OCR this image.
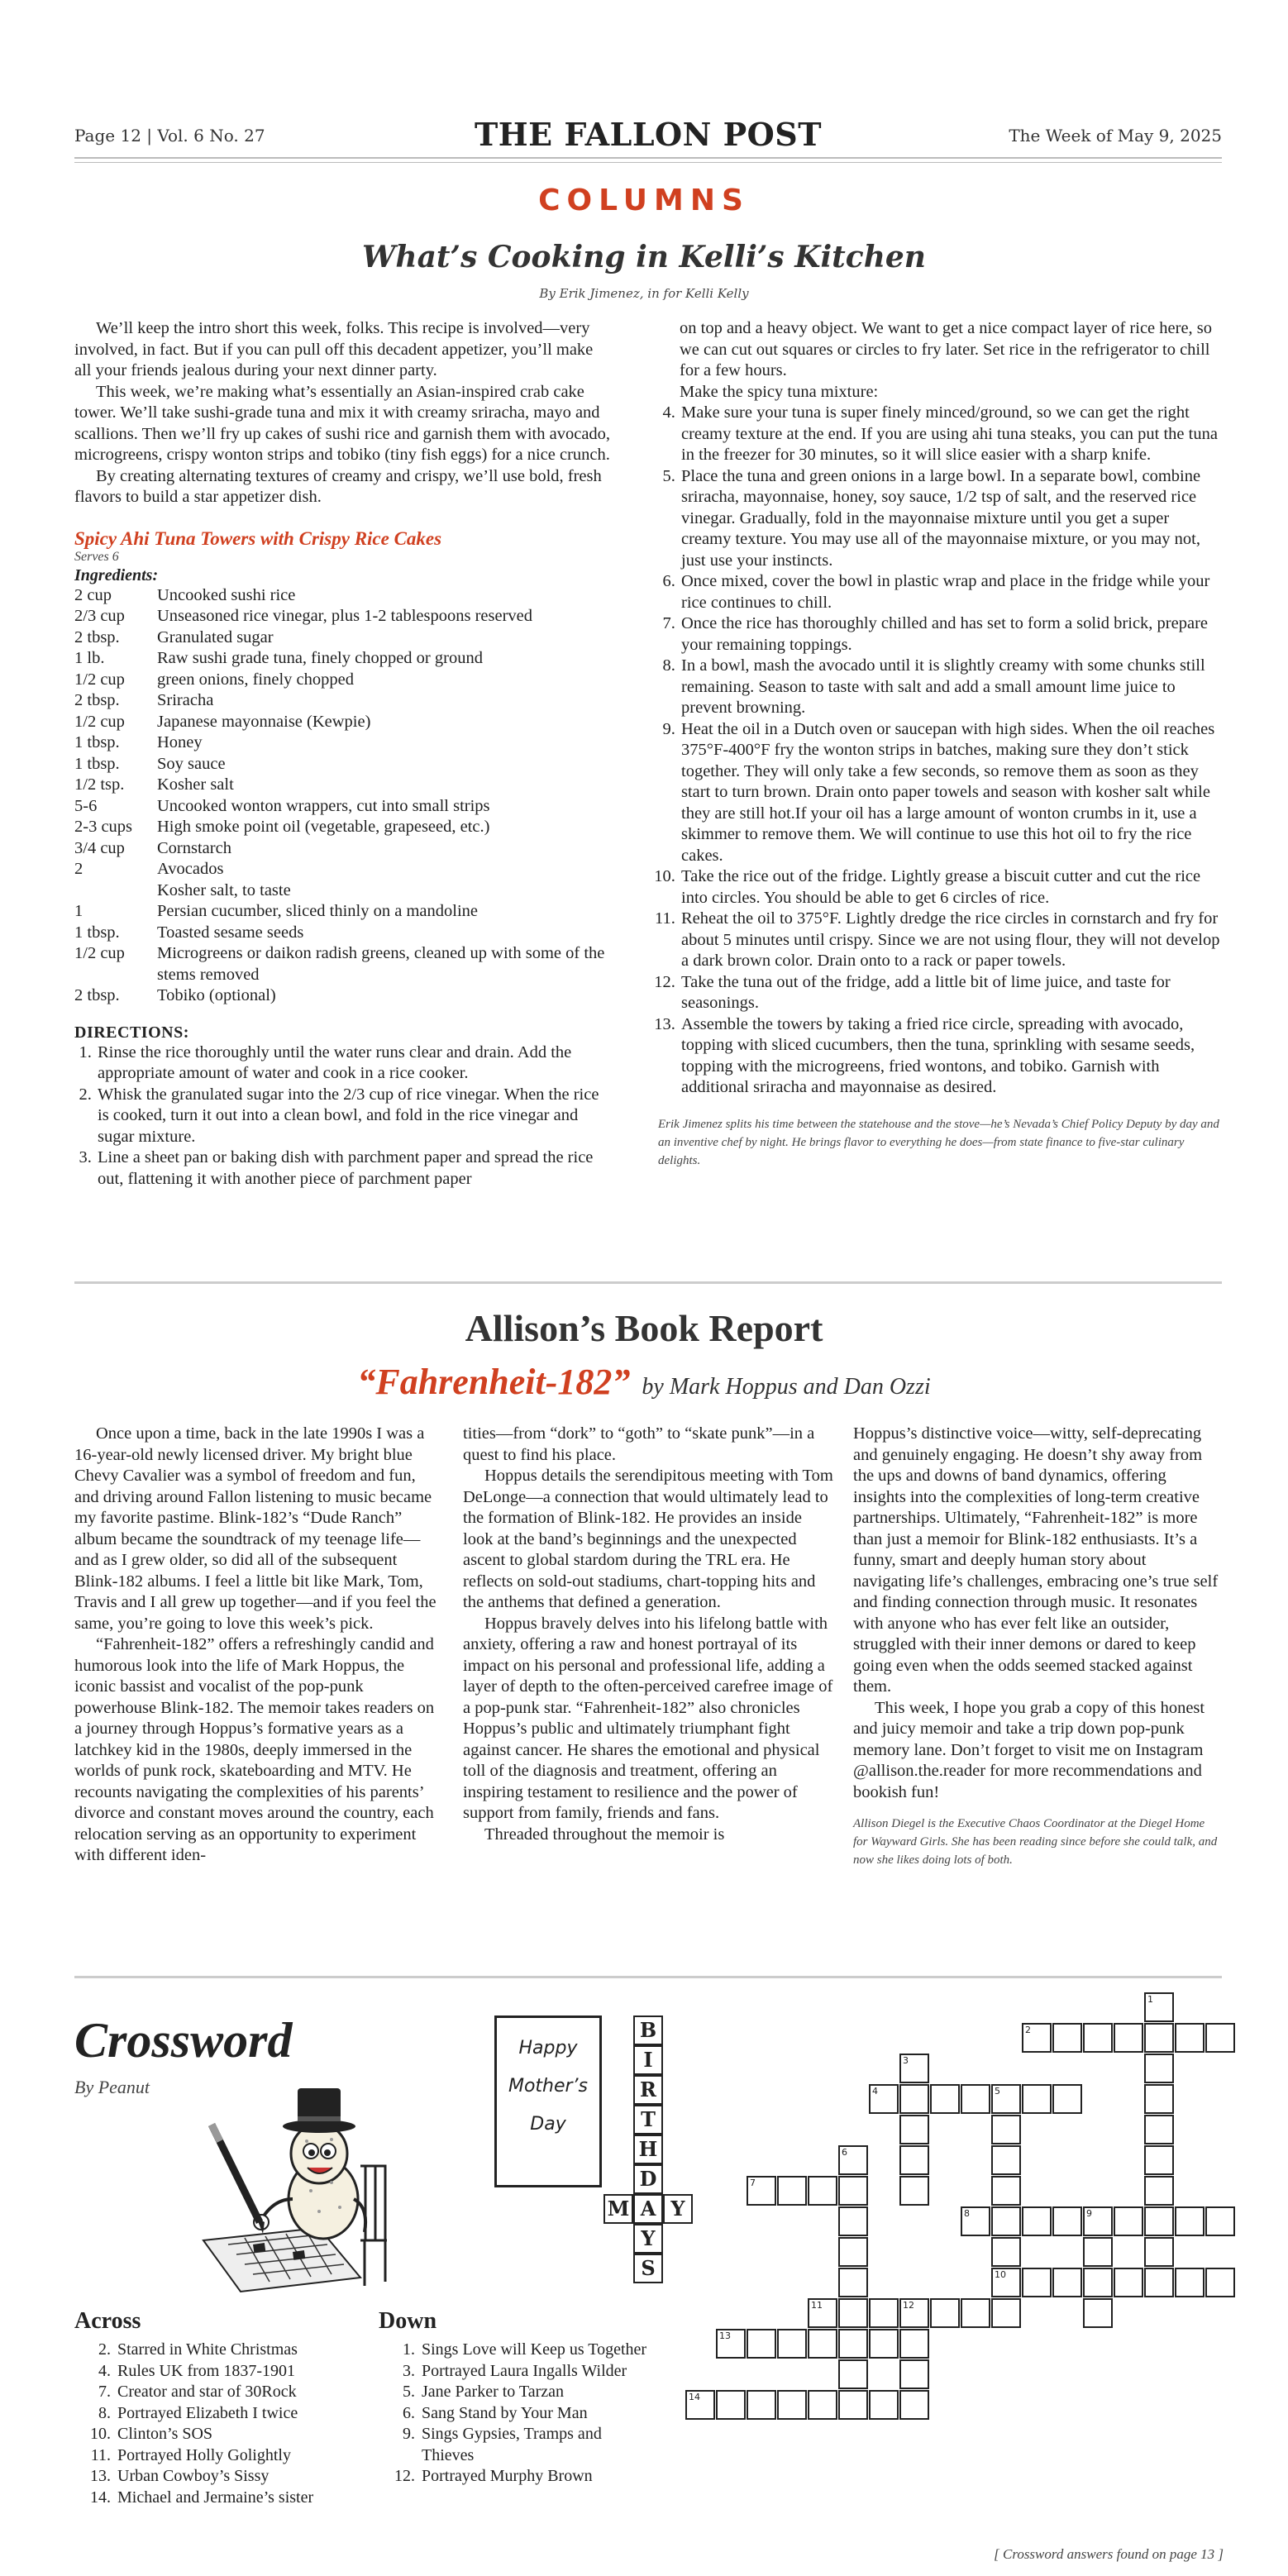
Page 12 | Vol. 6 No. 27	THE FALLON POST	The Week of May 9, 2025
COLUMNS
What’s Cooking in Kelli’s Kitchen
By Erik Jimenez, in for Kelli Kelly

We’ll keep the intro short this week, folks. This recipe is involved—very involved, in fact. But if you can pull off this decadent appetizer, you’ll make all your friends jealous during your next dinner party.

This week, we’re making what’s essentially an Asian-inspired crab cake tower. We’ll take sushi-grade tuna and mix it with creamy sriracha, mayo and scallions. Then we’ll fry up cakes of sushi rice and garnish them with avocado, microgreens, crispy wonton strips and tobiko (tiny fish eggs) for a nice crunch.

By creating alternating textures of creamy and crispy, we’ll use bold, fresh flavors to build a star appetizer dish.

Spicy Ahi Tuna Towers with Crispy Rice Cakes
Serves 6
Ingredients:
2 cup	Uncooked sushi rice
2/3 cup	Unseasoned rice vinegar, plus 1-2 tablespoons reserved
2 tbsp.	Granulated sugar
1 lb.	Raw sushi grade tuna, finely chopped or ground
1/2 cup	green onions, finely chopped
2 tbsp.	Sriracha
1/2 cup	Japanese mayonnaise (Kewpie)
1 tbsp.	Honey
1 tbsp.	Soy sauce
1/2 tsp.	Kosher salt
5-6	Uncooked wonton wrappers, cut into small strips
2-3 cups	High smoke point oil (vegetable, grapeseed, etc.)
3/4 cup	Cornstarch
2	Avocados
	Kosher salt, to taste
1	Persian cucumber, sliced thinly on a mandoline
1 tbsp.	Toasted sesame seeds
1/2 cup	Microgreens or daikon radish greens, cleaned up with some of the stems removed
2 tbsp.	Tobiko (optional)
DIRECTIONS:
1. Rinse the rice thoroughly until the water runs clear and drain. Add the appropriate amount of water and cook in a rice cooker.
2. Whisk the granulated sugar into the 2/3 cup of rice vinegar. When the rice is cooked, turn it out into a clean bowl, and fold in the rice vinegar and sugar mixture.
3. Line a sheet pan or baking dish with parchment paper and spread the rice out, flattening it with another piece of parchment paper
on top and a heavy object. We want to get a nice compact layer of rice here, so we can cut out squares or circles to fry later. Set rice in the refrigerator to chill for a few hours.
Make the spicy tuna mixture:
4. Make sure your tuna is super finely minced/ground, so we can get the right creamy texture at the end. If you are using ahi tuna steaks, you can put the tuna in the freezer for 30 minutes, so it will slice easier with a sharp knife.
5. Place the tuna and green onions in a large bowl. In a separate bowl, combine sriracha, mayonnaise, honey, soy sauce, 1/2 tsp of salt, and the reserved rice vinegar. Gradually, fold in the mayonnaise mixture until you get a super creamy texture. You may use all of the mayonnaise mixture, or you may not, just use your instincts.
6. Once mixed, cover the bowl in plastic wrap and place in the fridge while your rice continues to chill.
7. Once the rice has thoroughly chilled and has set to form a solid brick, prepare your remaining toppings.
8. In a bowl, mash the avocado until it is slightly creamy with some chunks still remaining. Season to taste with salt and add a small amount lime juice to prevent browning.
9. Heat the oil in a Dutch oven or saucepan with high sides. When the oil reaches 375°F-400°F fry the wonton strips in batches, making sure they don’t stick together. They will only take a few seconds, so remove them as soon as they start to turn brown. Drain onto paper towels and season with kosher salt while they are still hot.If your oil has a large amount of wonton crumbs in it, use a skimmer to remove them. We will continue to use this hot oil to fry the rice cakes.
10. Take the rice out of the fridge. Lightly grease a biscuit cutter and cut the rice into circles. You should be able to get 6 circles of rice.
11. Reheat the oil to 375°F. Lightly dredge the rice circles in cornstarch and fry for about 5 minutes until crispy. Since we are not using flour, they will not develop a dark brown color. Drain onto to a rack or paper towels.
12. Take the tuna out of the fridge, add a little bit of lime juice, and taste for seasonings.
13. Assemble the towers by taking a fried rice circle, spreading with avocado, topping with sliced cucumbers, then the tuna, sprinkling with sesame seeds, topping with the microgreens, fried wontons, and tobiko. Garnish with additional sriracha and mayonnaise as desired.
Erik Jimenez splits his time between the statehouse and the stove—he’s Nevada’s Chief Policy Deputy by day and an inventive chef by night. He brings flavor to everything he does—from state finance to five-star culinary delights.
Allison’s Book Report
“Fahrenheit-182” by Mark Hoppus and Dan Ozzi

Once upon a time, back in the late 1990s I was a 16-year-old newly licensed driver. My bright blue Chevy Cavalier was a symbol of freedom and fun, and driving around Fallon listening to music became my favorite pastime. Blink-182’s “Dude Ranch” album became the soundtrack of my teenage life—and as I grew older, so did all of the subsequent Blink-182 albums. I feel a little bit like Mark, Tom, Travis and I all grew up together—and if you feel the same, you’re going to love this week’s pick.

“Fahrenheit-182” offers a refreshingly candid and humorous look into the life of Mark Hoppus, the iconic bassist and vocalist of the pop-punk powerhouse Blink-182. The memoir takes readers on a journey through Hoppus’s formative years as a latchkey kid in the 1980s, deeply immersed in the worlds of punk rock, skateboarding and MTV. He recounts navigating the complexities of his parents’ divorce and constant moves around the country, each relocation serving as an opportunity to experiment with different iden-

tities—from “dork” to “goth” to “skate punk”—in a quest to find his place.

Hoppus details the serendipitous meeting with Tom DeLonge—a connection that would ultimately lead to the formation of Blink-182. He provides an inside look at the band’s beginnings and the unexpected ascent to global stardom during the TRL era. He reflects on sold-out stadiums, chart-topping hits and the anthems that defined a generation.

Hoppus bravely delves into his lifelong battle with anxiety, offering a raw and honest portrayal of its impact on his personal and professional life, adding a layer of depth to the often-perceived carefree image of a pop-punk star. “Fahrenheit-182” also chronicles Hoppus’s public and ultimately triumphant fight against cancer. He shares the emotional and physical toll of the diagnosis and treatment, offering an inspiring testament to resilience and the power of support from family, friends and fans.

Threaded throughout the memoir is

Hoppus’s distinctive voice—witty, self-deprecating and genuinely engaging. He doesn’t shy away from the ups and downs of band dynamics, offering insights into the complexities of long-term creative partnerships. Ultimately, “Fahrenheit-182” is more than just a memoir for Blink-182 enthusiasts. It’s a funny, smart and deeply human story about navigating life’s challenges, embracing one’s true self and finding connection through music. It resonates with anyone who has ever felt like an outsider, struggled with their inner demons or dared to keep going even when the odds seemed stacked against them.

This week, I hope you grab a copy of this honest and juicy memoir and take a trip down pop-punk memory lane. Don’t forget to visit me on Instagram @allison.the.reader for more recommendations and bookish fun!

Allison Diegel is the Executive Chaos Coordinator at the Diegel Home for Wayward Girls. She has been reading since before she could talk, and now she likes doing lots of both.
Crossword
By Peanut
Happy
Mother’s
Day
B
I
R
T
H
D
A
Y
S
M	Y
Across
2. Starred in White Christmas
4. Rules UK from 1837-1901
7. Creator and star of 30Rock
8. Portrayed Elizabeth I twice
10. Clinton’s SOS
11. Portrayed Holly Golightly
13. Urban Cowboy’s Sissy
14. Michael and Jermaine’s sister
Down
1. Sings Love will Keep us Together
3. Portrayed Laura Ingalls Wilder
5. Jane Parker to Tarzan
6. Sang Stand by Your Man
9. Sings Gypsies, Tramps and Thieves
12. Portrayed Murphy Brown
2
4	5
7
8	9
10
11	12
13
14
1
3
6
[ Crossword answers found on page 13 ]
